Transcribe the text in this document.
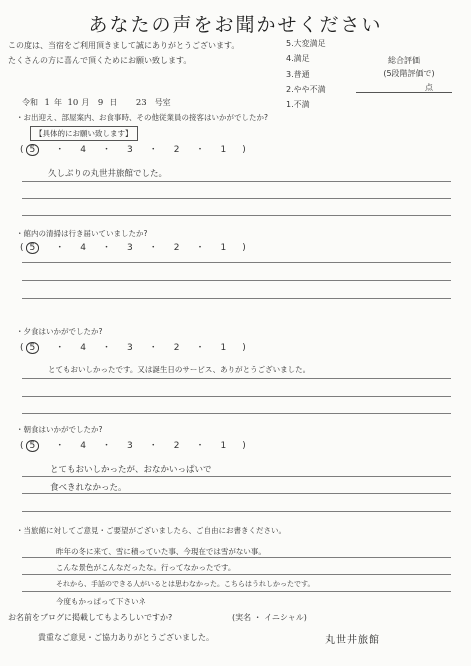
あなたの声をお聞かせください
この度は、当宿をご利用頂きまして誠にありがとうございます。
たくさんの方に喜んで頂くためにお願い致します。
5.大変満足
4.満足
3.普通
2.やや不満
1.不満
総合評価
(5段階評価で)
点
令和 1 年 10 月 9 日 23 号室
・お出迎え、部屋案内、お食事時、その他従業員の接客はいかがでしたか?
【具体的にお願い致します】
( 5 ・ 4 ・ 3 ・ 2 ・ 1 )
久しぶりの丸世井旅館でした。
・館内の清掃は行き届いていましたか?
( 5 ・ 4 ・ 3 ・ 2 ・ 1 )
・夕食はいかがでしたか?
( 5 ・ 4 ・ 3 ・ 2 ・ 1 )
とてもおいしかったです。又は誕生日のサービス、ありがとうございました。
・朝食はいかがでしたか?
( 5 ・ 4 ・ 3 ・ 2 ・ 1 )
とてもおいしかったが、おなかいっぱいで
食べきれなかった。
・当旅館に対してご意見・ご要望がございましたら、ご自由にお書きください。
昨年の冬に来て、雪に積っていた事、今現在では雪がない事。
こんな景色がこんなだったな。行ってなかったです。
それから、手話のできる人がいるとは思わなかった。こちらはうれしかったです。
今度もかっぱって下さいネ
お名前をブログに掲載してもよろしいですか?	(実名 ・ イニシャル)
貴重なご意見・ご協力ありがとうございました。	丸世井旅館
